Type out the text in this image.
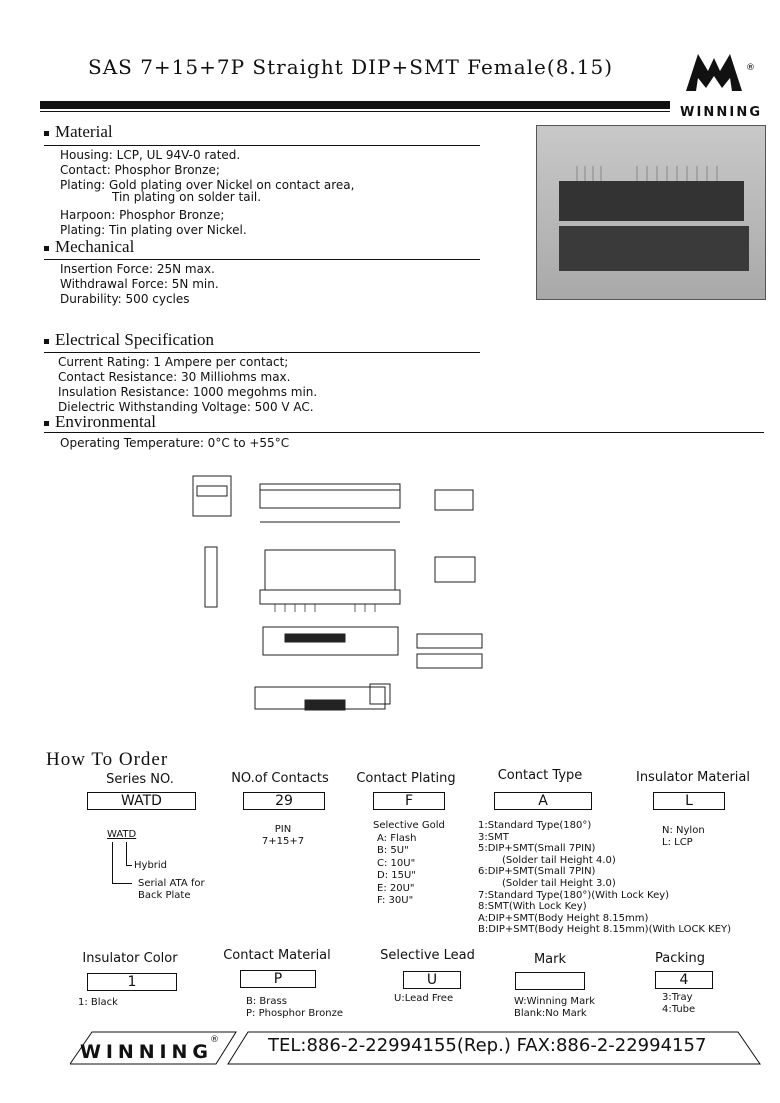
SAS 7+15+7P Straight DIP+SMT Female(8.15)	®
WINNING
Material
Housing: LCP, UL 94V-0 rated.
Contact: Phosphor Bronze;
Plating: Gold plating over Nickel on contact area,
Tin plating on solder tail.
Harpoon: Phosphor Bronze;
Plating: Tin plating over Nickel.
Mechanical
Insertion Force: 25N max.
Withdrawal Force: 5N min.
Durability: 500 cycles
Electrical Specification
Current Rating: 1 Ampere per contact;
Contact Resistance: 30 Milliohms max.
Insulation Resistance: 1000 megohms min.
Dielectric Withstanding Voltage: 500 V AC.
Environmental
Operating Temperature: 0°C to +55°C
How To Order
Series NO.
WATD
NO.of Contacts
29
Contact Plating
F
Contact Type
A
Insulator Material
L
WATD
Hybrid
Serial ATA for
Back Plate
PIN
7+15+7
Selective Gold
A: Flash
B: 5U"
C: 10U"
D: 15U"
E: 20U"
F: 30U"
1:Standard Type(180°)
3:SMT
5:DIP+SMT(Small 7PIN)
(Solder tail Height 4.0)
6:DIP+SMT(Small 7PIN)
(Solder tail Height 3.0)
7:Standard Type(180°)(With Lock Key)
8:SMT(With Lock Key)
A:DIP+SMT(Body Height 8.15mm)
B:DIP+SMT(Body Height 8.15mm)(With LOCK KEY)
N: Nylon
L: LCP
Insulator Color
1
1: Black
Contact Material
P
B: Brass
P: Phosphor Bronze
Selective Lead
U
U:Lead Free
Mark
W:Winning Mark
Blank:No Mark
Packing
4
3:Tray
4:Tube
WINNING
®	TEL:886-2-22994155(Rep.) FAX:886-2-22994157
